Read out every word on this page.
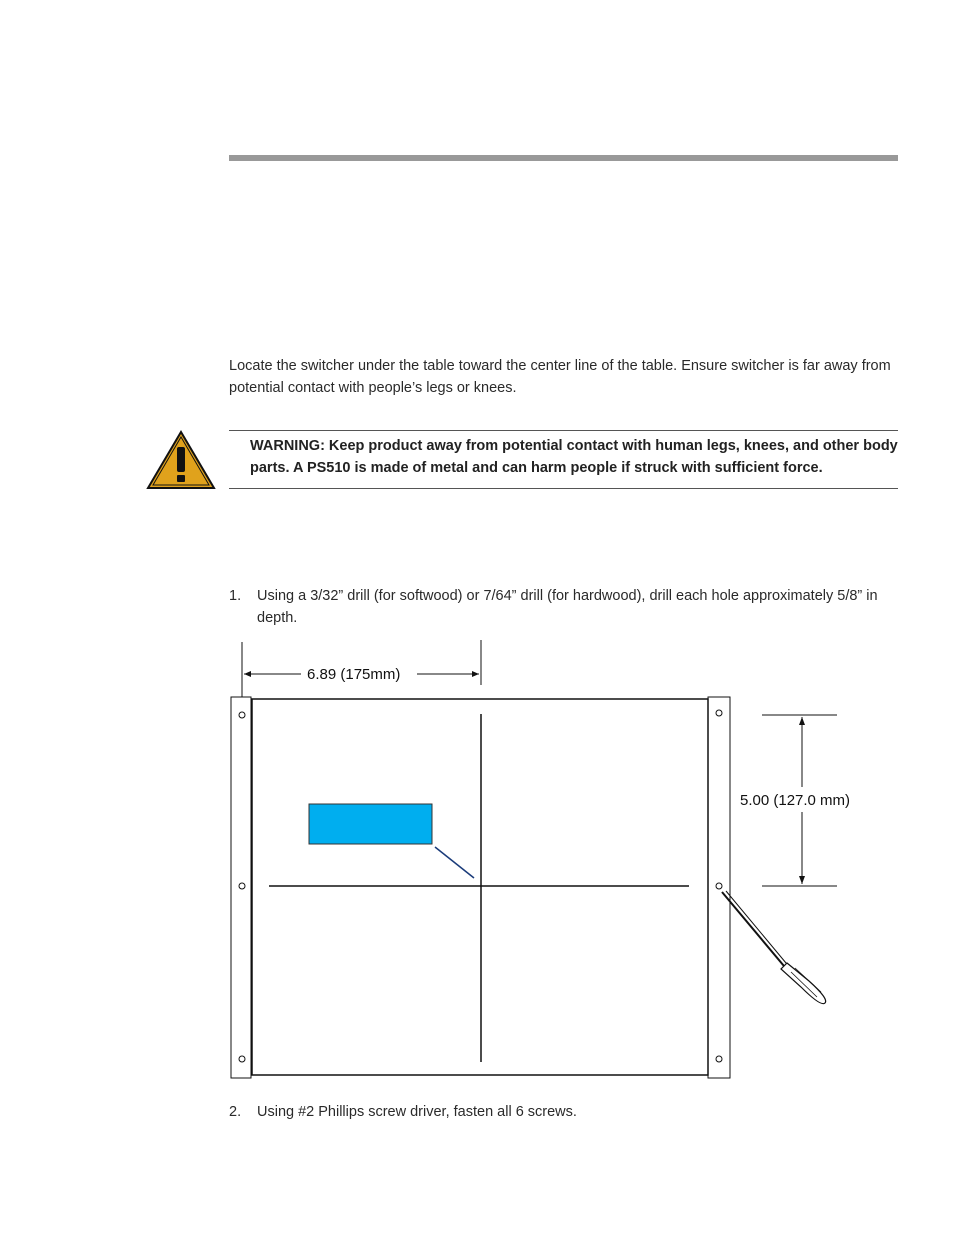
Locate the switcher under the table toward the center line of the table. Ensure switcher is far away from potential contact with people’s legs or knees.
WARNING: Keep product away from potential contact with human legs, knees, and other body parts. A PS510 is made of metal and can harm people if struck with sufficient force.
1. Using a 3/32” drill (for softwood) or 7/64” drill (for hardwood), drill each hole approximately 5/8” in depth.
6.89 (175mm)
5.00 (127.0 mm)
2. Using #2 Phillips screw driver, fasten all 6 screws.
